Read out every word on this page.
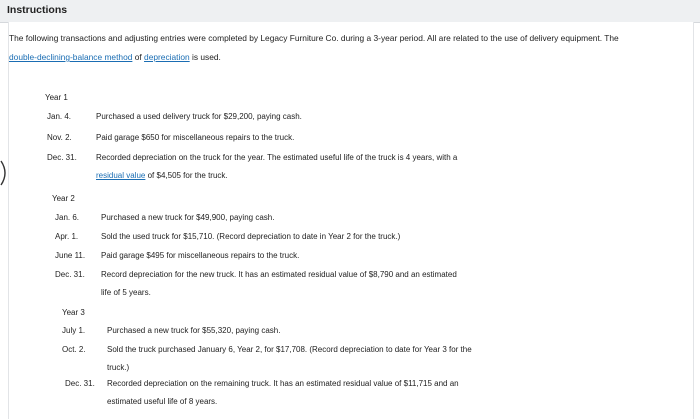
Instructions
The following transactions and adjusting entries were completed by Legacy Furniture Co. during a 3-year period. All are related to the use of delivery equipment. The
double-declining-balance method of depreciation is used.
Year 1
Jan. 4.	Purchased a used delivery truck for $29,200, paying cash.
Nov. 2.	Paid garage $650 for miscellaneous repairs to the truck.
Dec. 31. Recorded depreciation on the truck for the year. The estimated useful life of the truck is 4 years, with a
residual value of $4,505 for the truck.
Year 2
Jan. 6.	Purchased a new truck for $49,900, paying cash.
Apr. 1.	Sold the used truck for $15,710. (Record depreciation to date in Year 2 for the truck.)
June 11. Paid garage $495 for miscellaneous repairs to the truck.
Dec. 31. Record depreciation for the new truck. It has an estimated residual value of $8,790 and an estimated
life of 5 years.
Year 3
July 1.	Purchased a new truck for $55,320, paying cash.
Oct. 2.	Sold the truck purchased January 6, Year 2, for $17,708. (Record depreciation to date for Year 3 for the
truck.)
Dec. 31. Recorded depreciation on the remaining truck. It has an estimated residual value of $11,715 and an
estimated useful life of 8 years.
